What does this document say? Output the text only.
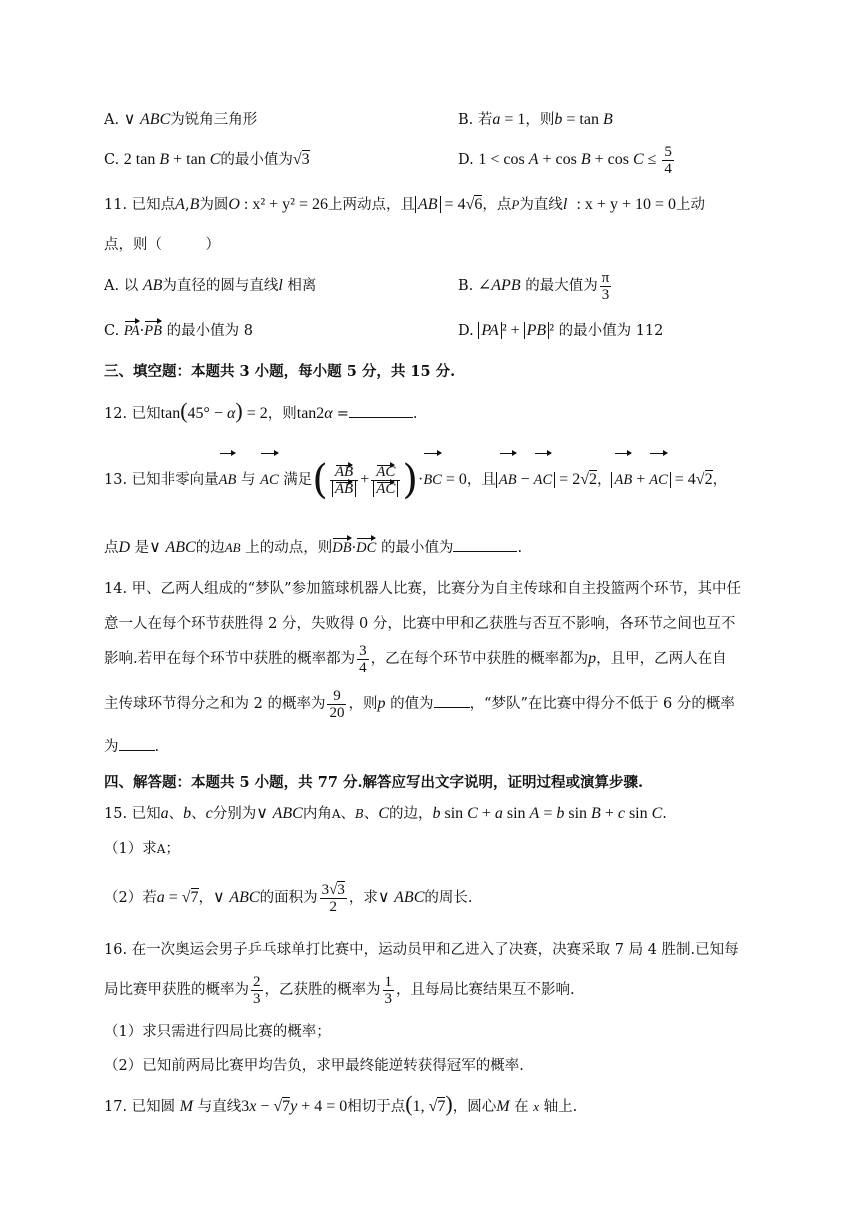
A. ∨ ABC为锐角三角形	B. 若a = 1，则b = tan B
C. 2 tan B + tan C的最小值为√3	D. $1 < \cos A + \cos B + \cos C \le \frac{5}{4}$
11. 已知点A,B为圆O : x² + y² = 26上两动点，且 AB = 4√6，点P为直线l : x + y + 10 = 0上动
点，则（　　　）
A. 以 AB为直径的圆与直线l 相离	B. ∠APB 的最大值为 $\frac{\pi}{3}$
C. PA·PB 的最小值为 8	D. PA ² + PB ² 的最小值为 112
三、填空题：本题共 3 小题，每小题 5 分，共 15 分.
12. 已知tan(45° − α) = 2，则tan2α =	.
13. 已知非零向量AB 与 AC 满足( $\frac{AB}{AB} + \frac{AC}{AC} )\cdot BC = 0$，且 AB − AC = 2√2， AB + AC = 4√2，
点D 是∨ ABC的边AB 上的动点，则DB·DC 的最小值为	.
14. 甲、乙两人组成的“梦队”参加篮球机器人比赛，比赛分为自主传球和自主投篮两个环节，其中任
意一人在每个环节获胜得 2 分，失败得 0 分，比赛中甲和乙获胜与否互不影响，各环节之间也互不
影响.若甲在每个环节中获胜的概率都为 $\frac{3}{4}$ ，乙在每个环节中获胜的概率都为p，且甲，乙两人在自
主传球环节得分之和为 2 的概率为 $\frac{9}{20}$ ，则p 的值为 ，“梦队”在比赛中得分不低于 6 分的概率
为 .
四、解答题：本题共 5 小题，共 77 分.解答应写出文字说明，证明过程或演算步骤.
15. 已知a、b、c分别为∨ ABC内角A、B、C的边，b sin C + a sin A = b sin B + c sin C.
（1）求A；
（2）若a = √7，∨ ABC的面积为 $\frac{3√3}{2}$ ，求∨ ABC的周长.
16. 在一次奥运会男子乒乓球单打比赛中，运动员甲和乙进入了决赛，决赛采取 7 局 4 胜制.已知每
局比赛甲获胜的概率为 $\frac{2}{3}$ ，乙获胜的概率为 $\frac{1}{3}$ ，且每局比赛结果互不影响.
（1）求只需进行四局比赛的概率；
（2）已知前两局比赛甲均告负，求甲最终能逆转获得冠军的概率.
17. 已知圆 M 与直线3x − √7y + 4 = 0相切于点(1, √7)，圆心M 在 x 轴上.
